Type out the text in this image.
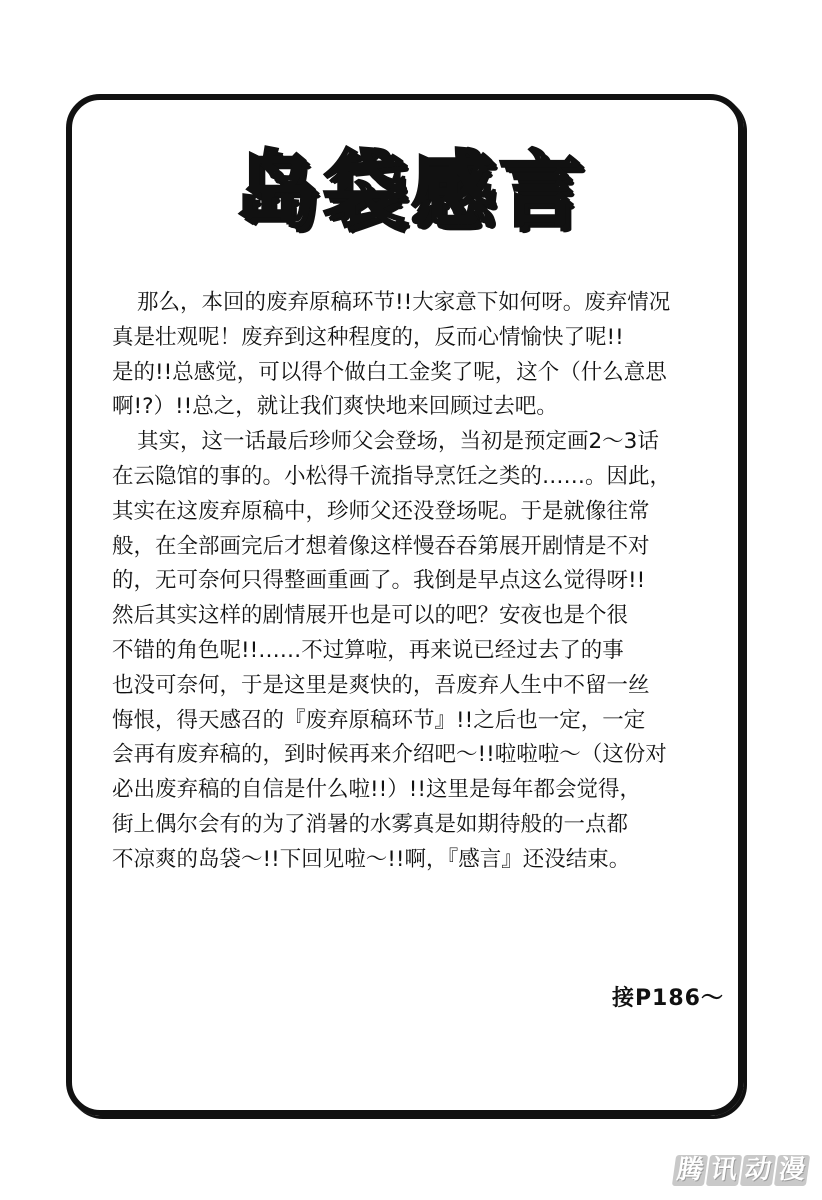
岛袋感言
那么，本回的废弃原稿环节!!大家意下如何呀。废弃情况
真是壮观呢！废弃到这种程度的，反而心情愉快了呢!!
是的!!总感觉，可以得个做白工金奖了呢，这个（什么意思
啊!?）!!总之，就让我们爽快地来回顾过去吧。
其实，这一话最后珍师父会登场，当初是预定画2～3话
在云隐馆的事的。小松得千流指导烹饪之类的……。因此，
其实在这废弃原稿中，珍师父还没登场呢。于是就像往常
般，在全部画完后才想着像这样慢吞吞第展开剧情是不对
的，无可奈何只得整画重画了。我倒是早点这么觉得呀!!
然后其实这样的剧情展开也是可以的吧？安夜也是个很
不错的角色呢!!……不过算啦，再来说已经过去了的事
也没可奈何，于是这里是爽快的，吾废弃人生中不留一丝
悔恨，得天感召的『废弃原稿环节』!!之后也一定，一定
会再有废弃稿的，到时候再来介绍吧～!!啦啦啦～（这份对
必出废弃稿的自信是什么啦!!）!!这里是每年都会觉得，
街上偶尔会有的为了消暑的水雾真是如期待般的一点都
不凉爽的岛袋～!!下回见啦～!!啊，『感言』还没结束。
接P186～
腾 讯 动 漫
